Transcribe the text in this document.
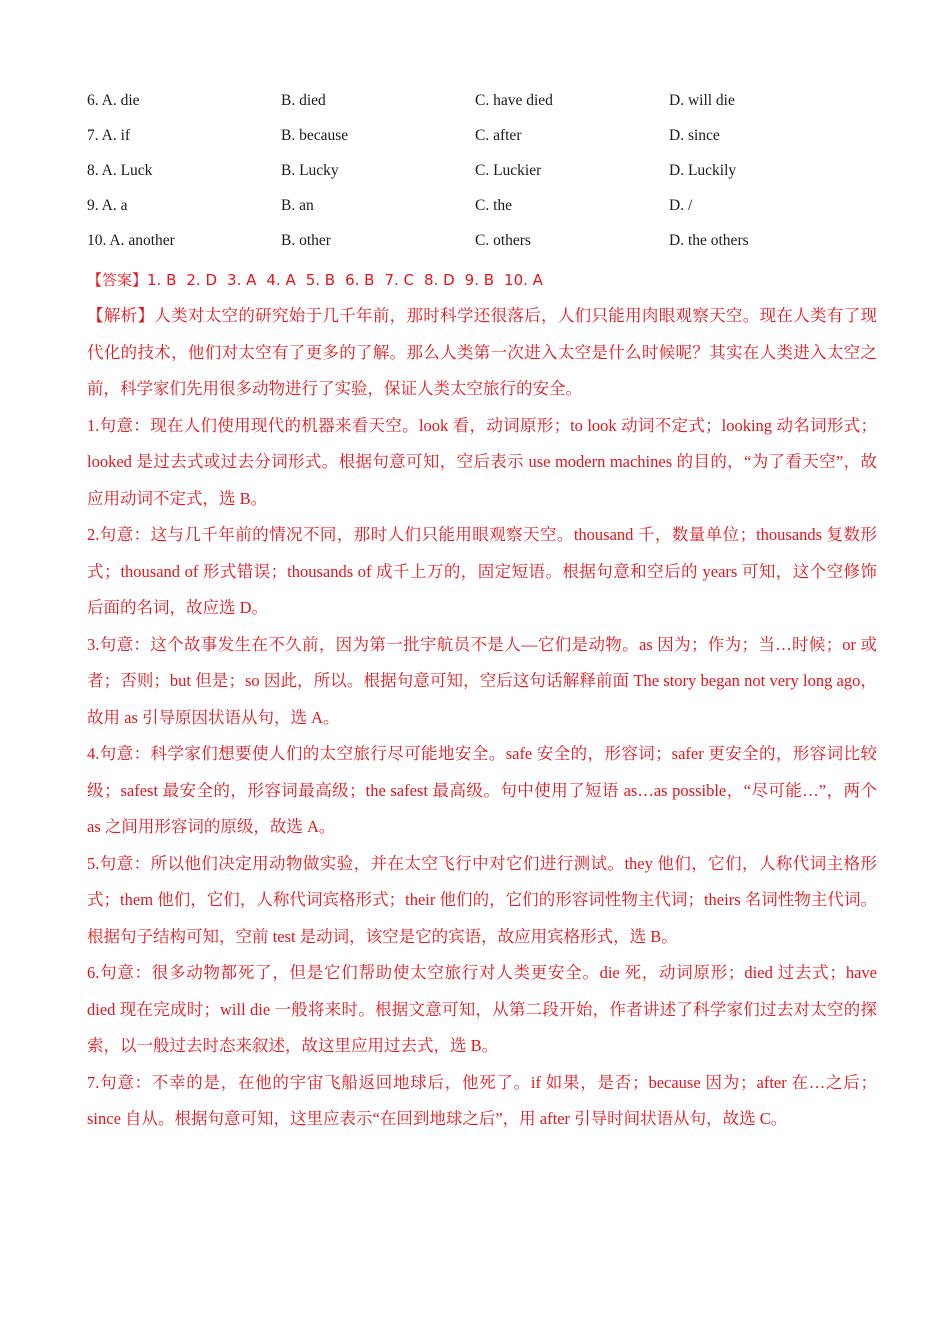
6. A. die	B. died	C. have died	D. will die
7. A. if	B. because	C. after	D. since
8. A. Luck	B. Lucky	C. Luckier	D. Luckily
9. A. a	B. an	C. the	D. /
10. A. another	B. other	C. others	D. the others

【答案】1. B 2. D 3. A 4. A 5. B 6. B 7. C 8. D 9. B 10. A

【解析】人类对太空的研究始于几千年前，那时科学还很落后，人们只能用肉眼观察天空。现在人类有了现代化的技术，他们对太空有了更多的了解。那么人类第一次进入太空是什么时候呢？其实在人类进入太空之前，科学家们先用很多动物进行了实验，保证人类太空旅行的安全。

1.句意：现在人们使用现代的机器来看天空。look 看，动词原形；to look 动词不定式；looking 动名词形式；looked 是过去式或过去分词形式。根据句意可知，空后表示 use modern machines 的目的，“为了看天空”，故应用动词不定式，选 B。

2.句意：这与几千年前的情况不同，那时人们只能用眼观察天空。thousand 千，数量单位；thousands 复数形式；thousand of 形式错误；thousands of 成千上万的，固定短语。根据句意和空后的 years 可知，这个空修饰后面的名词，故应选 D。

3.句意：这个故事发生在不久前，因为第一批宇航员不是人—它们是动物。as 因为；作为；当…时候；or 或者；否则；but 但是；so 因此，所以。根据句意可知，空后这句话解释前面 The story began not very long ago，故用 as 引导原因状语从句，选 A。

4.句意：科学家们想要使人们的太空旅行尽可能地安全。safe 安全的，形容词；safer 更安全的，形容词比较级；safest 最安全的，形容词最高级；the safest 最高级。句中使用了短语 as…as possible，“尽可能…”，两个 as 之间用形容词的原级，故选 A。

5.句意：所以他们决定用动物做实验，并在太空飞行中对它们进行测试。they 他们，它们，人称代词主格形式；them 他们，它们，人称代词宾格形式；their 他们的，它们的形容词性物主代词；theirs 名词性物主代词。根据句子结构可知，空前 test 是动词，该空是它的宾语，故应用宾格形式，选 B。

6.句意：很多动物都死了，但是它们帮助使太空旅行对人类更安全。die 死，动词原形；died 过去式；have died 现在完成时；will die 一般将来时。根据文意可知，从第二段开始，作者讲述了科学家们过去对太空的探索，以一般过去时态来叙述，故这里应用过去式，选 B。

7.句意：不幸的是，在他的宇宙飞船返回地球后，他死了。if 如果，是否；because 因为；after 在…之后；since 自从。根据句意可知，这里应表示“在回到地球之后”，用 after 引导时间状语从句，故选 C。
